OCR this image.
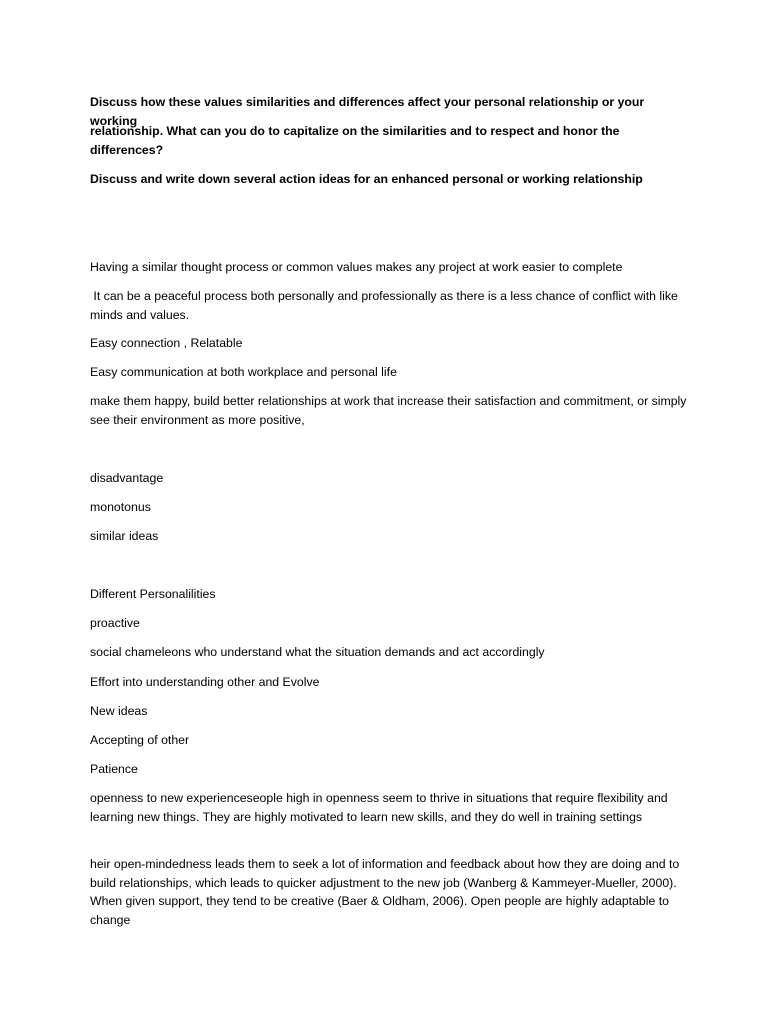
Discuss how these values similarities and differences affect your personal relationship or your working

relationship. What can you do to capitalize on the similarities and to respect and honor the differences?

Discuss and write down several action ideas for an enhanced personal or working relationship

Having a similar thought process or common values makes any project at work easier to complete

It can be a peaceful process both personally and professionally as there is a less chance of conflict with like minds and values.

Easy connection , Relatable

Easy communication at both workplace and personal life

make them happy, build better relationships at work that increase their satisfaction and commitment, or simply see their environment as more positive,

disadvantage

monotonus

similar ideas

Different Personalilities

proactive

social chameleons who understand what the situation demands and act accordingly

Effort into understanding other and Evolve

New ideas

Accepting of other

Patience

openness to new experienceseople high in openness seem to thrive in situations that require flexibility and learning new things. They are highly motivated to learn new skills, and they do well in training settings

heir open-mindedness leads them to seek a lot of information and feedback about how they are doing and to build relationships, which leads to quicker adjustment to the new job (Wanberg & Kammeyer-Mueller, 2000). When given support, they tend to be creative (Baer & Oldham, 2006). Open people are highly adaptable to change
